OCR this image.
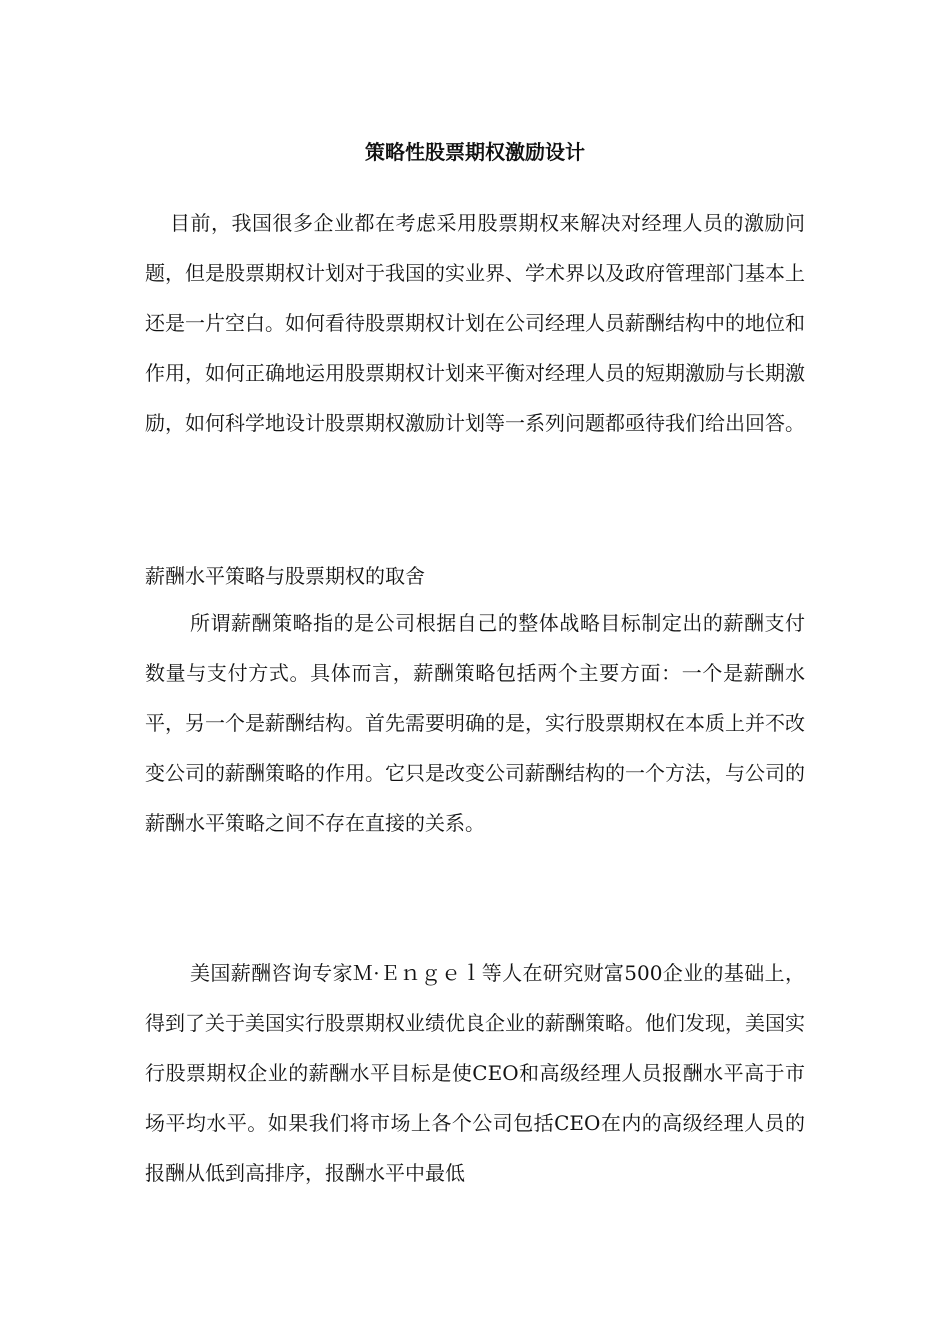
策略性股票期权激励设计

目前，我国很多企业都在考虑采用股票期权来解决对经理人员的激励问题，但是股票期权计划对于我国的实业界、学术界以及政府管理部门基本上还是一片空白。如何看待股票期权计划在公司经理人员薪酬结构中的地位和作用，如何正确地运用股票期权计划来平衡对经理人员的短期激励与长期激励，如何科学地设计股票期权激励计划等一系列问题都亟待我们给出回答。

薪酬水平策略与股票期权的取舍

所谓薪酬策略指的是公司根据自己的整体战略目标制定出的薪酬支付数量与支付方式。具体而言，薪酬策略包括两个主要方面：一个是薪酬水平，另一个是薪酬结构。首先需要明确的是，实行股票期权在本质上并不改变公司的薪酬策略的作用。它只是改变公司薪酬结构的一个方法，与公司的薪酬水平策略之间不存在直接的关系。

美国薪酬咨询专家Ｍ·Ｅｎｇｅｌ等人在研究财富500企业的基础上，得到了关于美国实行股票期权业绩优良企业的薪酬策略。他们发现，美国实行股票期权企业的薪酬水平目标是使CEO和高级经理人员报酬水平高于市场平均水平。如果我们将市场上各个公司包括CEO在内的高级经理人员的报酬从低到高排序，报酬水平中最低
